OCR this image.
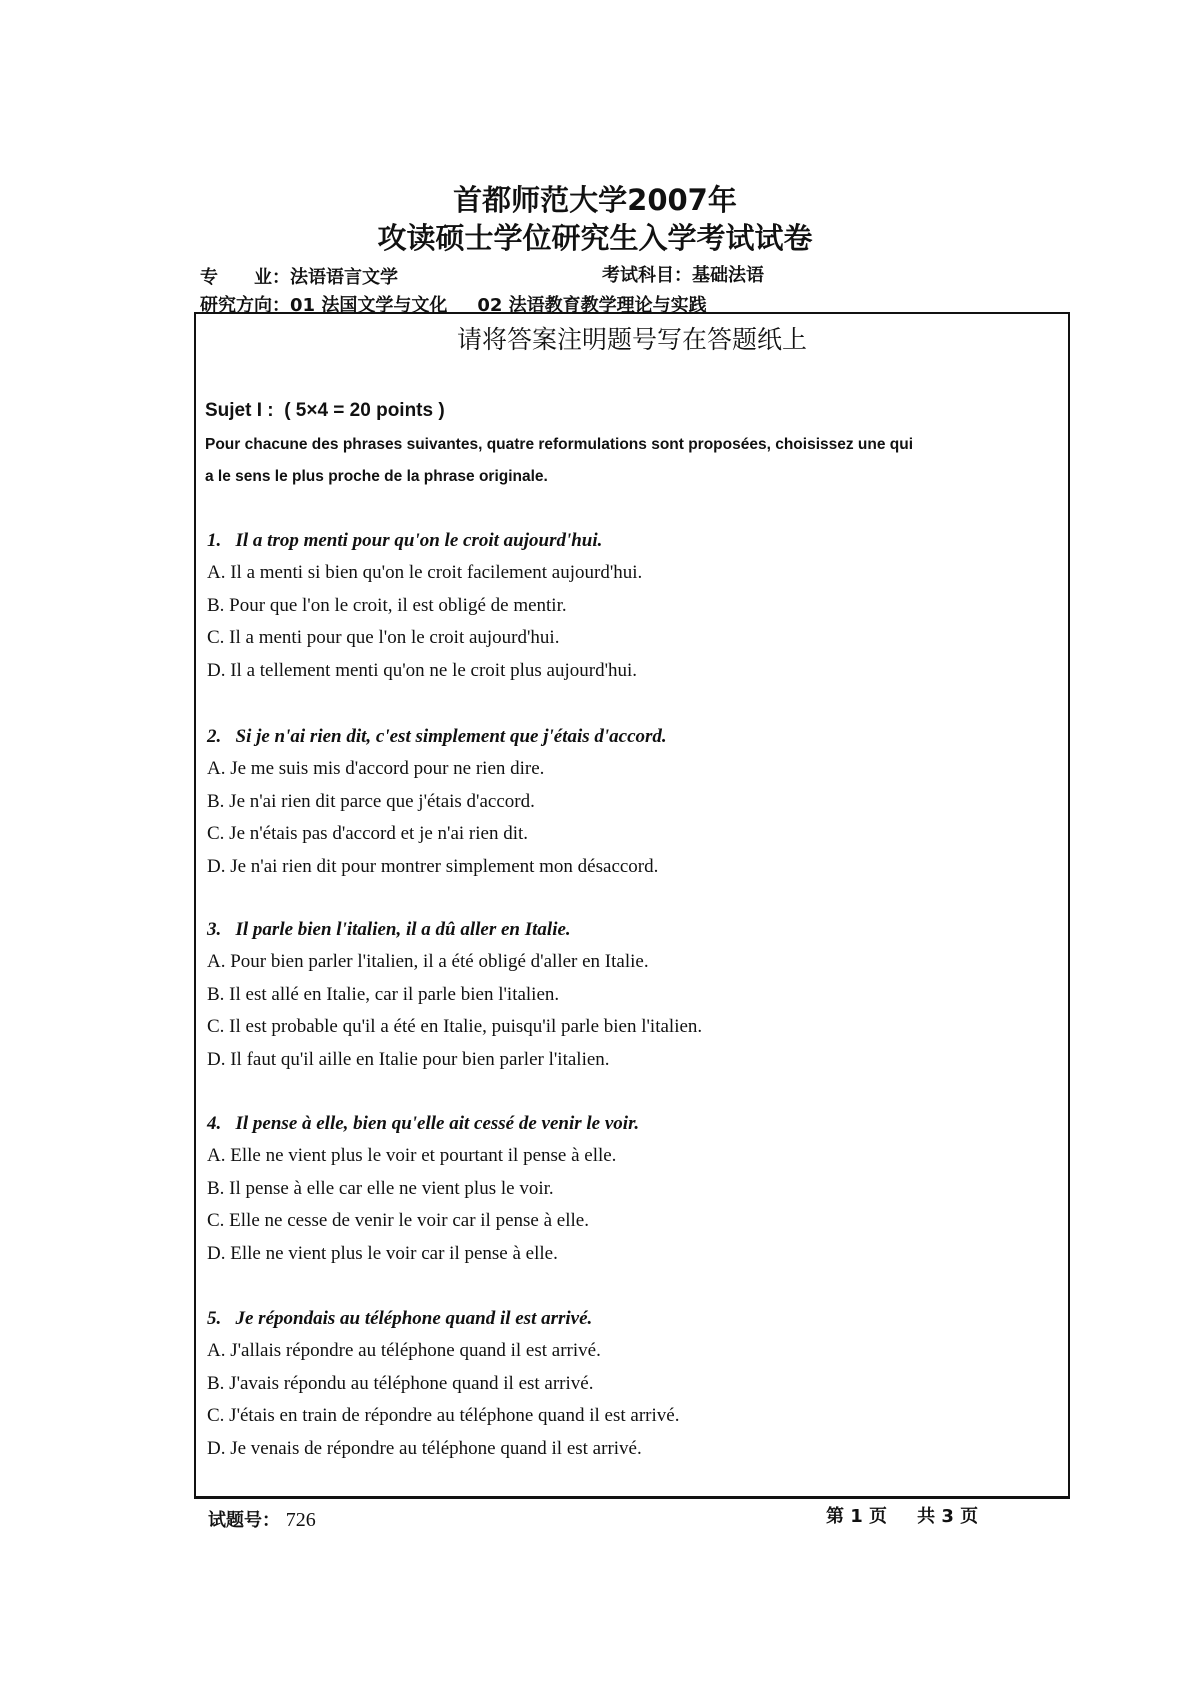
首都师范大学2007年
攻读硕士学位研究生入学考试试卷
专　　业：法语语言文学	考试科目：基础法语
研究方向：01 法国文学与文化 02 法语教育教学理论与实践
请将答案注明题号写在答题纸上
Sujet I : ( 5×4 = 20 points )
Pour chacune des phrases suivantes, quatre reformulations sont proposées, choisissez une qui
a le sens le plus proche de la phrase originale.
1. Il a trop menti pour qu'on le croit aujourd'hui.
A. Il a menti si bien qu'on le croit facilement aujourd'hui.
B. Pour que l'on le croit, il est obligé de mentir.
C. Il a menti pour que l'on le croit aujourd'hui.
D. Il a tellement menti qu'on ne le croit plus aujourd'hui.
2. Si je n'ai rien dit, c'est simplement que j'étais d'accord.
A. Je me suis mis d'accord pour ne rien dire.
B. Je n'ai rien dit parce que j'étais d'accord.
C. Je n'étais pas d'accord et je n'ai rien dit.
D. Je n'ai rien dit pour montrer simplement mon désaccord.
3. Il parle bien l'italien, il a dû aller en Italie.
A. Pour bien parler l'italien, il a été obligé d'aller en Italie.
B. Il est allé en Italie, car il parle bien l'italien.
C. Il est probable qu'il a été en Italie, puisqu'il parle bien l'italien.
D. Il faut qu'il aille en Italie pour bien parler l'italien.
4. Il pense à elle, bien qu'elle ait cessé de venir le voir.
A. Elle ne vient plus le voir et pourtant il pense à elle.
B. Il pense à elle car elle ne vient plus le voir.
C. Elle ne cesse de venir le voir car il pense à elle.
D. Elle ne vient plus le voir car il pense à elle.
5. Je répondais au téléphone quand il est arrivé.
A. J'allais répondre au téléphone quand il est arrivé.
B. J'avais répondu au téléphone quand il est arrivé.
C. J'étais en train de répondre au téléphone quand il est arrivé.
D. Je venais de répondre au téléphone quand il est arrivé.
试题号： 726	第 1 页 共 3 页
